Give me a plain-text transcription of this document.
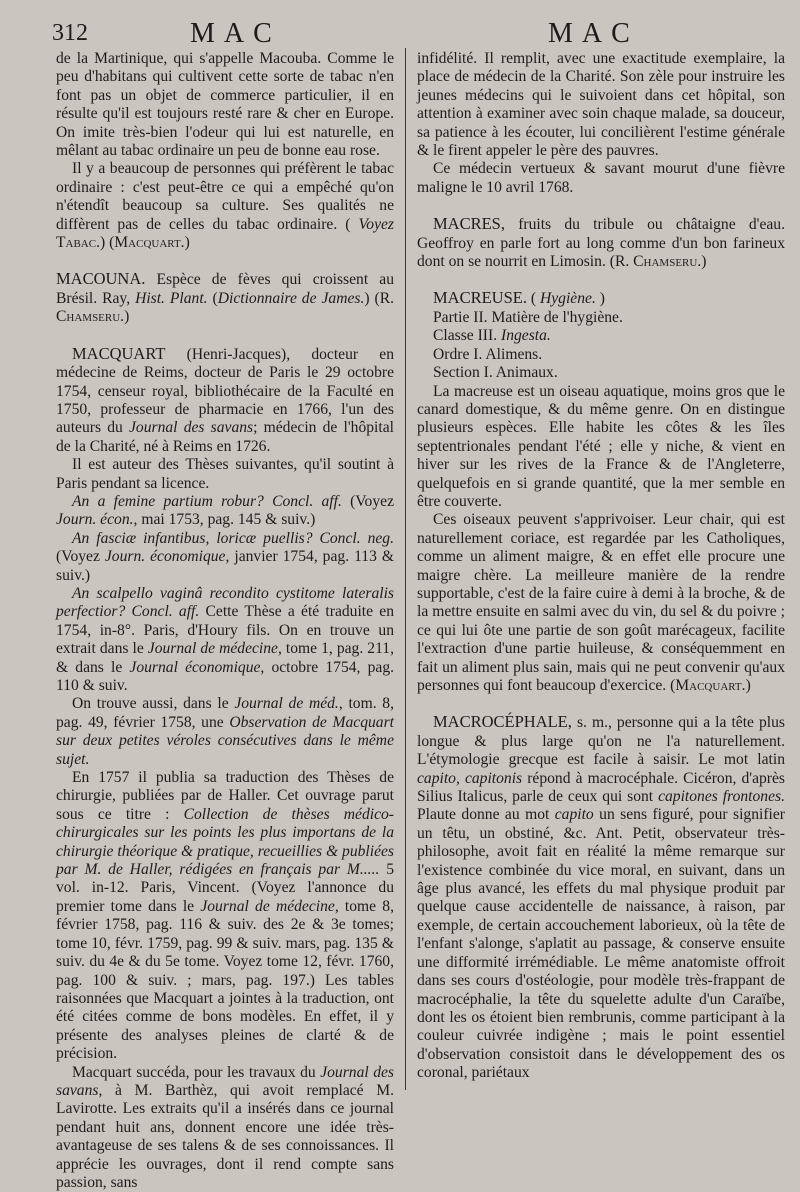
312	MAC	MAC

de la Martinique, qui s'appelle Macouba. Comme le peu d'habitans qui cultivent cette sorte de tabac n'en font pas un objet de commerce particulier, il en résulte qu'il est toujours resté rare & cher en Europe. On imite très-bien l'odeur qui lui est naturelle, en mêlant au tabac ordinaire un peu de bonne eau rose.

Il y a beaucoup de personnes qui préfèrent le tabac ordinaire : c'est peut-être ce qui a empêché qu'on n'étendît beaucoup sa culture. Ses qualités ne diffèrent pas de celles du tabac ordinaire. ( Voyez Tabac.) (Macquart.)

MACOUNA. Espèce de fèves qui croissent au Brésil. Ray, Hist. Plant. (Dictionnaire de James.) (R. Chamseru.)

MACQUART (Henri-Jacques), docteur en médecine de Reims, docteur de Paris le 29 octobre 1754, censeur royal, bibliothécaire de la Faculté en 1750, professeur de pharmacie en 1766, l'un des auteurs du Journal des savans; médecin de l'hôpital de la Charité, né à Reims en 1726.

Il est auteur des Thèses suivantes, qu'il soutint à Paris pendant sa licence.

An a femine partium robur? Concl. aff. (Voyez Journ. écon., mai 1753, pag. 145 & suiv.)

An fasciæ infantibus, loricæ puellis? Concl. neg. (Voyez Journ. économique, janvier 1754, pag. 113 & suiv.)

An scalpello vaginâ recondito cystitome lateralis perfectior? Concl. aff. Cette Thèse a été traduite en 1754, in-8°. Paris, d'Houry fils. On en trouve un extrait dans le Journal de médecine, tome 1, pag. 211, & dans le Journal économique, octobre 1754, pag. 110 & suiv.

On trouve aussi, dans le Journal de méd., tom. 8, pag. 49, février 1758, une Observation de Macquart sur deux petites véroles consécutives dans le même sujet.

En 1757 il publia sa traduction des Thèses de chirurgie, publiées par de Haller. Cet ouvrage parut sous ce titre : Collection de thèses médico-chirurgicales sur les points les plus importans de la chirurgie théorique & pratique, recueillies & publiées par M. de Haller, rédigées en français par M..... 5 vol. in-12. Paris, Vincent. (Voyez l'annonce du premier tome dans le Journal de médecine, tome 8, février 1758, pag. 116 & suiv. des 2e & 3e tomes; tome 10, févr. 1759, pag. 99 & suiv. mars, pag. 135 & suiv. du 4e & du 5e tome. Voyez tome 12, févr. 1760, pag. 100 & suiv. ; mars, pag. 197.) Les tables raisonnées que Macquart a jointes à la traduction, ont été citées comme de bons modèles. En effet, il y présente des analyses pleines de clarté & de précision.

Macquart succéda, pour les travaux du Journal des savans, à M. Barthèz, qui avoit remplacé M. Lavirotte. Les extraits qu'il a insérés dans ce journal pendant huit ans, donnent encore une idée très-avantageuse de ses talens & de ses connoissances. Il apprécie les ouvrages, dont il rend compte sans passion, sans

infidélité. Il remplit, avec une exactitude exemplaire, la place de médecin de la Charité. Son zèle pour instruire les jeunes médecins qui le suivoient dans cet hôpital, son attention à examiner avec soin chaque malade, sa douceur, sa patience à les écouter, lui concilièrent l'estime générale & le firent appeler le père des pauvres.

Ce médecin vertueux & savant mourut d'une fièvre maligne le 10 avril 1768.

MACRES, fruits du tribule ou châtaigne d'eau. Geoffroy en parle fort au long comme d'un bon farineux dont on se nourrit en Limosin. (R. Chamseru.)

MACREUSE. ( Hygiène. )

Partie II. Matière de l'hygiène.

Classe III. Ingesta.

Ordre I. Alimens.

Section I. Animaux.

La macreuse est un oiseau aquatique, moins gros que le canard domestique, & du même genre. On en distingue plusieurs espèces. Elle habite les côtes & les îles septentrionales pendant l'été ; elle y niche, & vient en hiver sur les rives de la France & de l'Angleterre, quelquefois en si grande quantité, que la mer semble en être couverte.

Ces oiseaux peuvent s'apprivoiser. Leur chair, qui est naturellement coriace, est regardée par les Catholiques, comme un aliment maigre, & en effet elle procure une maigre chère. La meilleure manière de la rendre supportable, c'est de la faire cuire à demi à la broche, & de la mettre ensuite en salmi avec du vin, du sel & du poivre ; ce qui lui ôte une partie de son goût marécageux, facilite l'extraction d'une partie huileuse, & conséquemment en fait un aliment plus sain, mais qui ne peut convenir qu'aux personnes qui font beaucoup d'exercice. (Macquart.)

MACROCÉPHALE, s. m., personne qui a la tête plus longue & plus large qu'on ne l'a naturellement. L'étymologie grecque est facile à saisir. Le mot latin capito, capitonis répond à macrocéphale. Cicéron, d'après Silius Italicus, parle de ceux qui sont capitones frontones. Plaute donne au mot capito un sens figuré, pour signifier un têtu, un obstiné, &c. Ant. Petit, observateur très-philosophe, avoit fait en réalité la même remarque sur l'existence combinée du vice moral, en suivant, dans un âge plus avancé, les effets du mal physique produit par quelque cause accidentelle de naissance, à raison, par exemple, de certain accouchement laborieux, où la tête de l'enfant s'alonge, s'aplatit au passage, & conserve ensuite une difformité irrémédiable. Le même anatomiste offroit dans ses cours d'ostéologie, pour modèle très-frappant de macrocéphalie, la tête du squelette adulte d'un Caraïbe, dont les os étoient bien rembrunis, comme participant à la couleur cuivrée indigène ; mais le point essentiel d'observation consistoit dans le développement des os coronal, pariétaux
